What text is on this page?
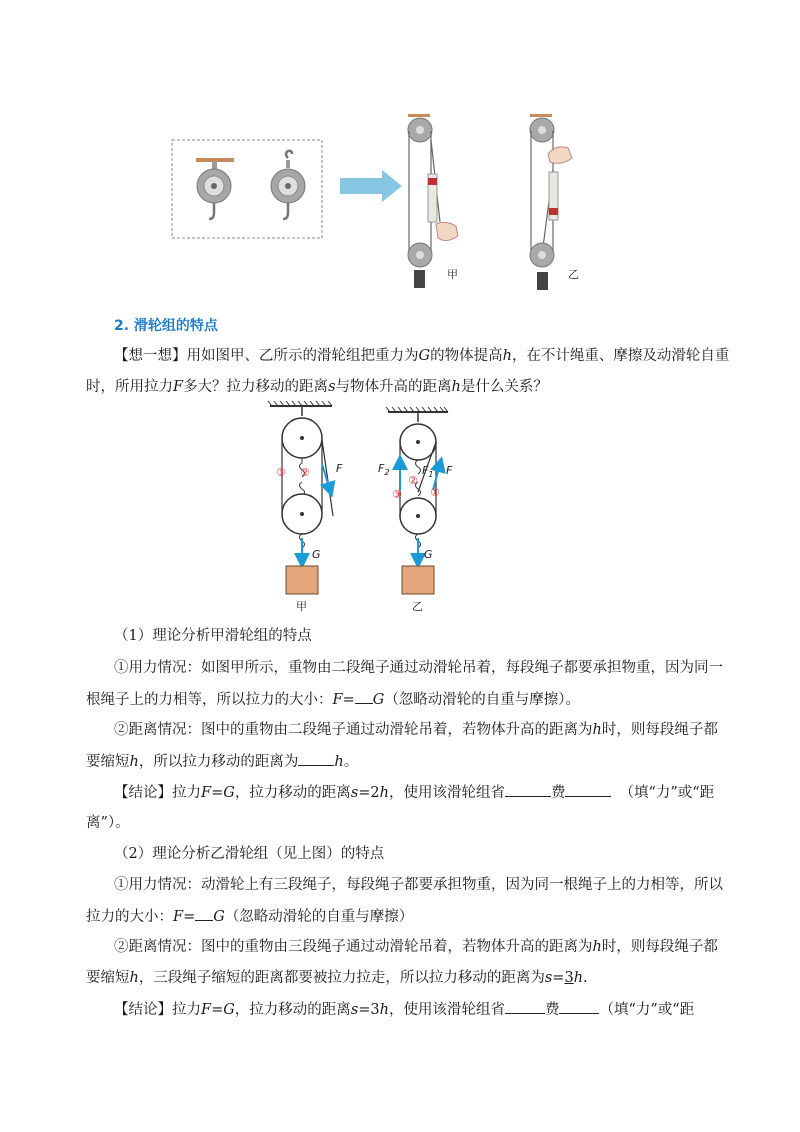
甲	乙
2. 滑轮组的特点
【想一想】用如图甲、乙所示的滑轮组把重力为G的物体提高h，在不计绳重、摩擦及动滑轮自重
时，所用拉力F多大？拉力移动的距离s与物体升高的距离h是什么关系？
F
G
③ ②
甲
$F_2$	$F_1$ F
③
②
①
G
乙
（1）理论分析甲滑轮组的特点
①用力情况：如图甲所示，重物由二段绳子通过动滑轮吊着，每段绳子都要承担物重，因为同一
根绳子上的力相等，所以拉力的大小：F= G（忽略动滑轮的自重与摩擦）。
②距离情况：图中的重物由二段绳子通过动滑轮吊着，若物体升高的距离为h时，则每段绳子都
要缩短h，所以拉力移动的距离为 h。
【结论】拉力F=G，拉力移动的距离s=2h，使用该滑轮组省	费	（填“力”或“距
离”）。
（2）理论分析乙滑轮组（见上图）的特点
①用力情况：动滑轮上有三段绳子，每段绳子都要承担物重，因为同一根绳子上的力相等，所以
拉力的大小：F= G（忽略动滑轮的自重与摩擦）
②距离情况：图中的重物由三段绳子通过动滑轮吊着，若物体升高的距离为h时，则每段绳子都
要缩短h，三段绳子缩短的距离都要被拉力拉走，所以拉力移动的距离为s=3h.
【结论】拉力F=G，拉力移动的距离s=3h，使用该滑轮组省	费	（填“力”或“距
